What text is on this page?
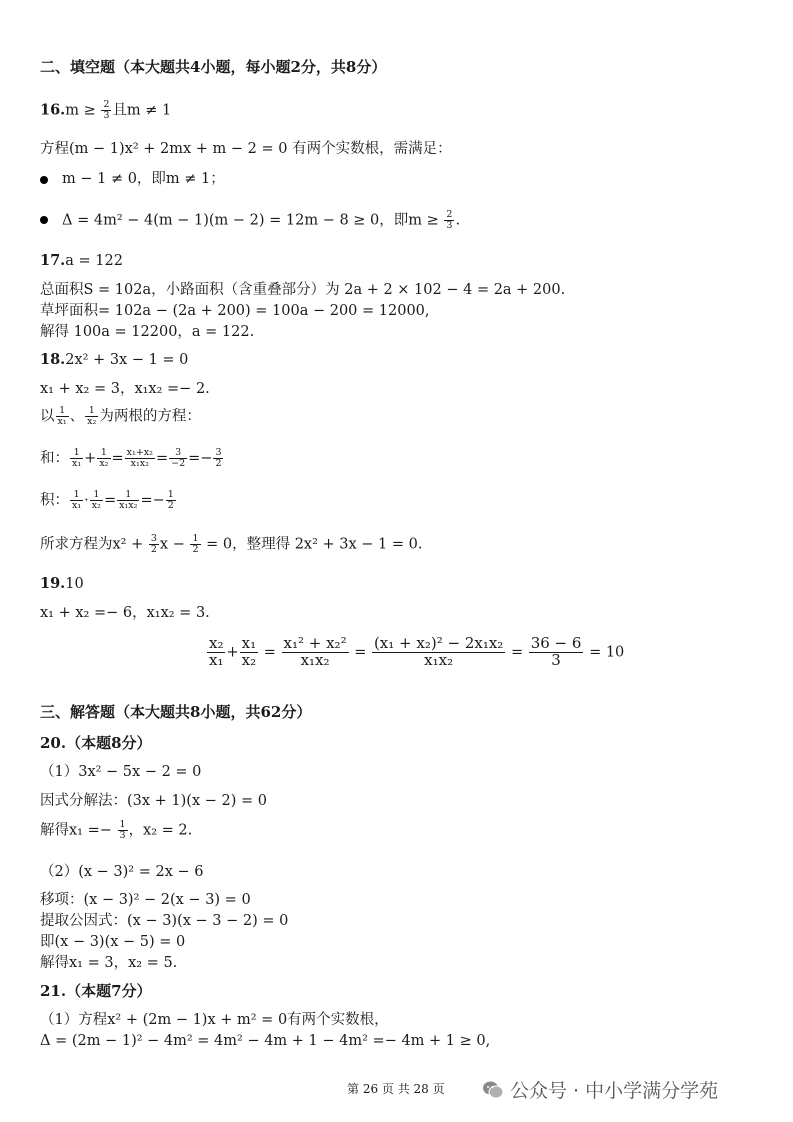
二、填空题（本大题共4小题，每小题2分，共8分）
$16.m \ge \frac{2}{3}$ 且m ≠ 1
方程(m − 1)x² + 2mx + m − 2 = 0 有两个实数根，需满足：
m − 1 ≠ 0，即m ≠ 1；
Δ = 4m² − 4(m − 1)(m − 2) = 12m − 8 ≥ 0，即$m \ge \frac{2}{3}$ .
17.a = 122
总面积S = 102a，小路面积（含重叠部分）为 2a + 2 × 102 − 4 = 2a + 200.
草坪面积= 102a − (2a + 200) = 100a − 200 = 12000,
解得 100a = 12200，a = 122.
18.2x² + 3x − 1 = 0
x₁ + x₂ = 3，x₁x₂ =− 2.
以 $\frac{1}{\text{x₁}}$ 、 $\frac{1}{\text{x₂}}$ 为两根的方程：
和： $\frac{1}{\text{x₁}} + \frac{1}{\text{x₂}} = \frac{\text{x₁+x₂}}{\text{x₁x₂}} = \frac{3}{-2} =- \frac{3}{2}$
积： $\frac{1}{\text{x₁}} \cdot \frac{1}{\text{x₂}} = \frac{1}{\text{x₁x₂}} =- \frac{1}{2}$
所求方程为$x^2 + \frac{3}{2}$ $x - \frac{1}{2} = 0$，整理得 2x² + 3x − 1 = 0.
19.10
x₁ + x₂ =− 6，x₁x₂ = 3.
$\frac{\text{x₂}}{\text{x₁}} + \frac{\text{x₁}}{\text{x₂}} = \frac{\text{x₁² + x₂²}}{\text{x₁x₂}} = \frac{\text{(x₁ + x₂)² − 2x₁x₂}}{\text{x₁x₂}} = \frac{36 - 6}{3} = 10$
三、解答题（本大题共8小题，共62分）
20.（本题8分）
（1）3x² − 5x − 2 = 0
因式分解法：(3x + 1)(x − 2) = 0
解得$x_1 =- \frac{1}{3}$ ，x₂ = 2.
（2）(x − 3)² = 2x − 6
移项：(x − 3)² − 2(x − 3) = 0
提取公因式：(x − 3)(x − 3 − 2) = 0
即(x − 3)(x − 5) = 0
解得x₁ = 3，x₂ = 5.
21.（本题7分）
（1）方程x² + (2m − 1)x + m² = 0有两个实数根，
Δ = (2m − 1)² − 4m² = 4m² − 4m + 1 − 4m² =− 4m + 1 ≥ 0,
第 26 页 共 28 页	公众号 · 中小学满分学苑
